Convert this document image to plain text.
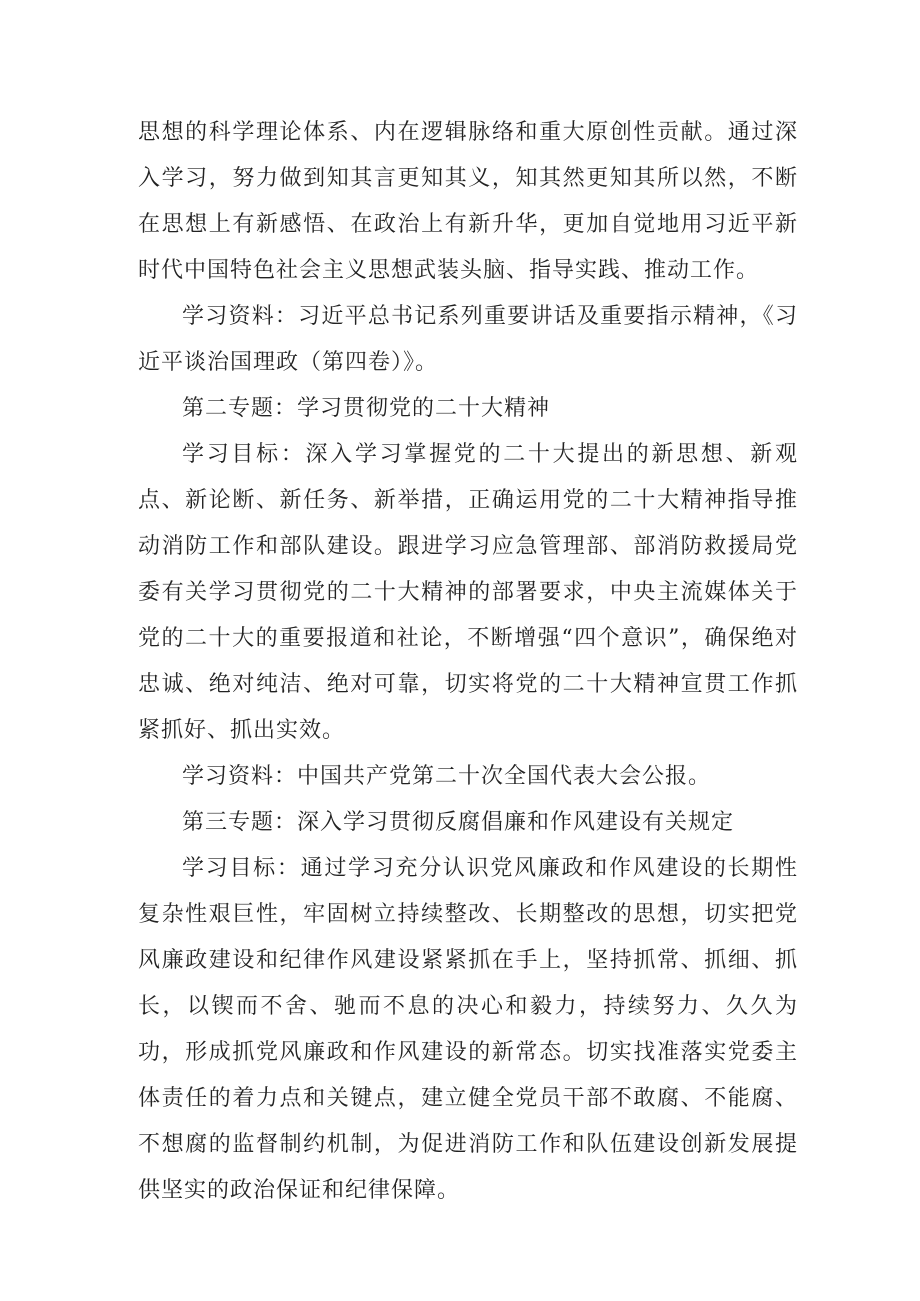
思想的科学理论体系、内在逻辑脉络和重大原创性贡献。通过深入学习，努力做到知其言更知其义，知其然更知其所以然，不断在思想上有新感悟、在政治上有新升华，更加自觉地用习近平新时代中国特色社会主义思想武装头脑、指导实践、推动工作。

学习资料：习近平总书记系列重要讲话及重要指示精神，《习近平谈治国理政（第四卷）》。

第二专题：学习贯彻党的二十大精神

学习目标：深入学习掌握党的二十大提出的新思想、新观点、新论断、新任务、新举措，正确运用党的二十大精神指导推动消防工作和部队建设。跟进学习应急管理部、部消防救援局党委有关学习贯彻党的二十大精神的部署要求，中央主流媒体关于党的二十大的重要报道和社论，不断增强“四个意识”，确保绝对忠诚、绝对纯洁、绝对可靠，切实将党的二十大精神宣贯工作抓紧抓好、抓出实效。

学习资料：中国共产党第二十次全国代表大会公报。

第三专题：深入学习贯彻反腐倡廉和作风建设有关规定

学习目标：通过学习充分认识党风廉政和作风建设的长期性复杂性艰巨性，牢固树立持续整改、长期整改的思想，切实把党风廉政建设和纪律作风建设紧紧抓在手上，坚持抓常、抓细、抓长，以锲而不舍、驰而不息的决心和毅力，持续努力、久久为功，形成抓党风廉政和作风建设的新常态。切实找准落实党委主体责任的着力点和关键点，建立健全党员干部不敢腐、不能腐、不想腐的监督制约机制，为促进消防工作和队伍建设创新发展提供坚实的政治保证和纪律保障。
